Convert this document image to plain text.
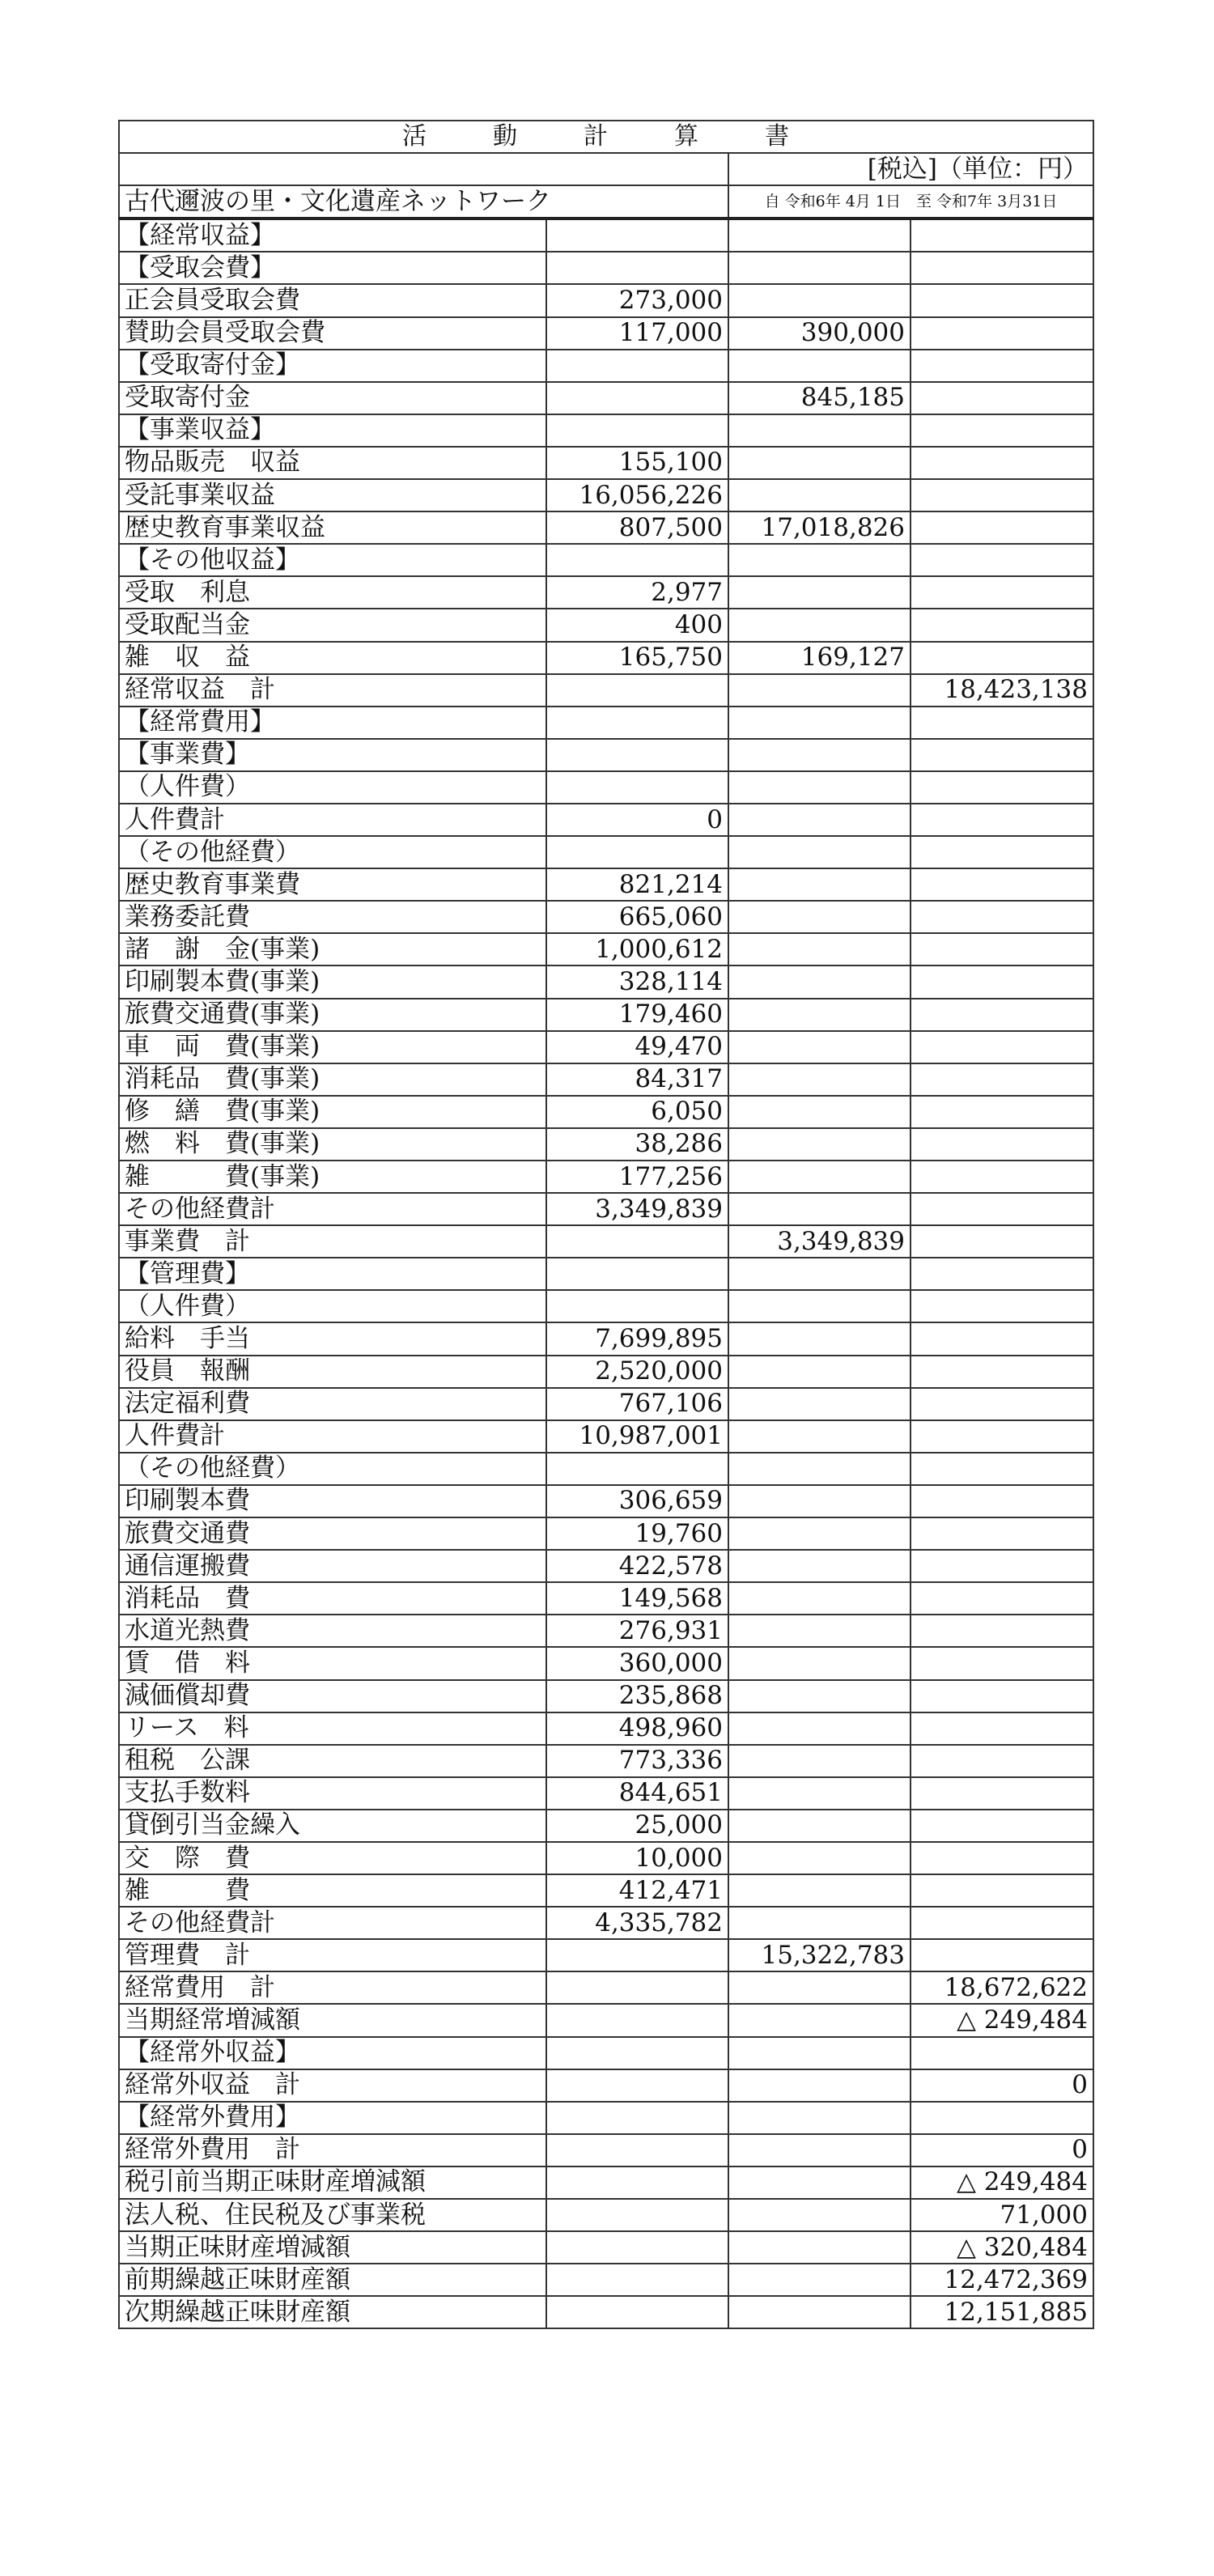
活　動　計　算　書			
		[税込]（単位：円）	
古代邇波の里・文化遺産ネットワーク		自 令和6年 4月 1日　至 令和7年 3月31日	
【経常収益】			
【受取会費】			
正会員受取会費	273,000		
賛助会員受取会費	117,000	390,000	
【受取寄付金】			
受取寄付金		845,185	
【事業収益】			
物品販売　収益	155,100		
受託事業収益	16,056,226		
歴史教育事業収益	807,500	17,018,826	
【その他収益】			
受取　利息	2,977		
受取配当金	400		
雑　収　益	165,750	169,127	
経常収益　計			18,423,138
【経常費用】			
【事業費】			
（人件費）			
人件費計	0		
（その他経費）			
歴史教育事業費	821,214		
業務委託費	665,060		
諸　謝　金(事業)	1,000,612		
印刷製本費(事業)	328,114		
旅費交通費(事業)	179,460		
車　両　費(事業)	49,470		
消耗品　費(事業)	84,317		
修　繕　費(事業)	6,050		
燃　料　費(事業)	38,286		
雑　　　費(事業)	177,256		
その他経費計	3,349,839		
事業費　計		3,349,839	
【管理費】			
（人件費）			
給料　手当	7,699,895		
役員　報酬	2,520,000		
法定福利費	767,106		
人件費計	10,987,001		
（その他経費）			
印刷製本費	306,659		
旅費交通費	19,760		
通信運搬費	422,578		
消耗品　費	149,568		
水道光熱費	276,931		
賃　借　料	360,000		
減価償却費	235,868		
リース　料	498,960		
租税　公課	773,336		
支払手数料	844,651		
貸倒引当金繰入	25,000		
交　際　費	10,000		
雑　　　費	412,471		
その他経費計	4,335,782		
管理費　計		15,322,783	
経常費用　計			18,672,622
当期経常増減額			△ 249,484
【経常外収益】			
経常外収益　計			0
【経常外費用】			
経常外費用　計			0
税引前当期正味財産増減額			△ 249,484
法人税、住民税及び事業税			71,000
当期正味財産増減額			△ 320,484
前期繰越正味財産額			12,472,369
次期繰越正味財産額			12,151,885
